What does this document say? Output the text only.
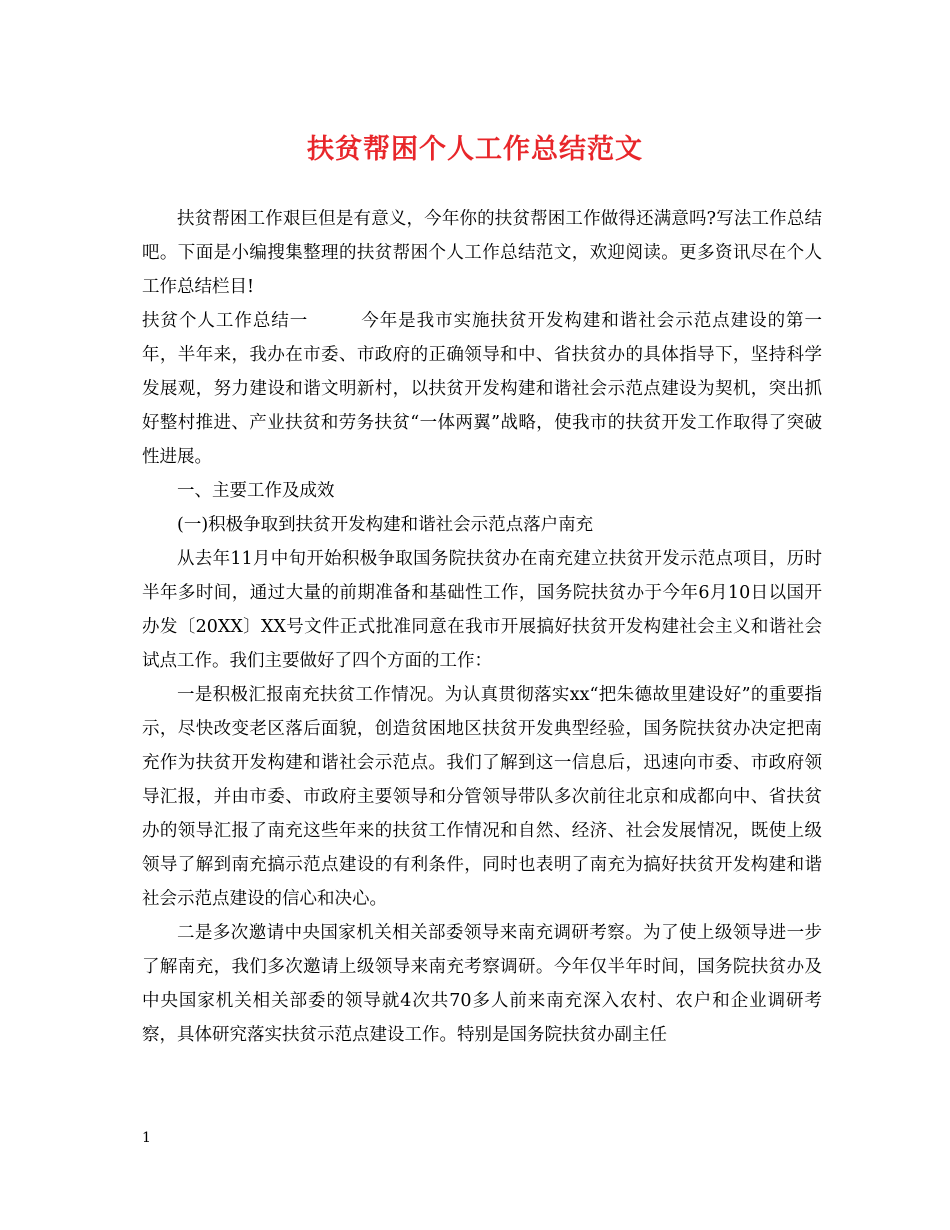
扶贫帮困个人工作总结范文

扶贫帮困工作艰巨但是有意义，今年你的扶贫帮困工作做得还满意吗?写法工作总结吧。下面是小编搜集整理的扶贫帮困个人工作总结范文，欢迎阅读。更多资讯尽在个人工作总结栏目!

扶贫个人工作总结一	今年是我市实施扶贫开发构建和谐社会示范点建设的第一年，半年来，我办在市委、市政府的正确领导和中、省扶贫办的具体指导下，坚持科学发展观，努力建设和谐文明新村，以扶贫开发构建和谐社会示范点建设为契机，突出抓好整村推进、产业扶贫和劳务扶贫“一体两翼”战略，使我市的扶贫开发工作取得了突破性进展。

一、主要工作及成效

(一)积极争取到扶贫开发构建和谐社会示范点落户南充

从去年11月中旬开始积极争取国务院扶贫办在南充建立扶贫开发示范点项目，历时半年多时间，通过大量的前期准备和基础性工作，国务院扶贫办于今年6月10日以国开办发〔20XX〕XX号文件正式批准同意在我市开展搞好扶贫开发构建社会主义和谐社会试点工作。我们主要做好了四个方面的工作：

一是积极汇报南充扶贫工作情况。为认真贯彻落实xx“把朱德故里建设好”的重要指示，尽快改变老区落后面貌，创造贫困地区扶贫开发典型经验，国务院扶贫办决定把南充作为扶贫开发构建和谐社会示范点。我们了解到这一信息后，迅速向市委、市政府领导汇报，并由市委、市政府主要领导和分管领导带队多次前往北京和成都向中、省扶贫办的领导汇报了南充这些年来的扶贫工作情况和自然、经济、社会发展情况，既使上级领导了解到南充搞示范点建设的有利条件，同时也表明了南充为搞好扶贫开发构建和谐社会示范点建设的信心和决心。

二是多次邀请中央国家机关相关部委领导来南充调研考察。为了使上级领导进一步了解南充，我们多次邀请上级领导来南充考察调研。今年仅半年时间，国务院扶贫办及中央国家机关相关部委的领导就4次共70多人前来南充深入农村、农户和企业调研考察，具体研究落实扶贫示范点建设工作。特别是国务院扶贫办副主任

1
